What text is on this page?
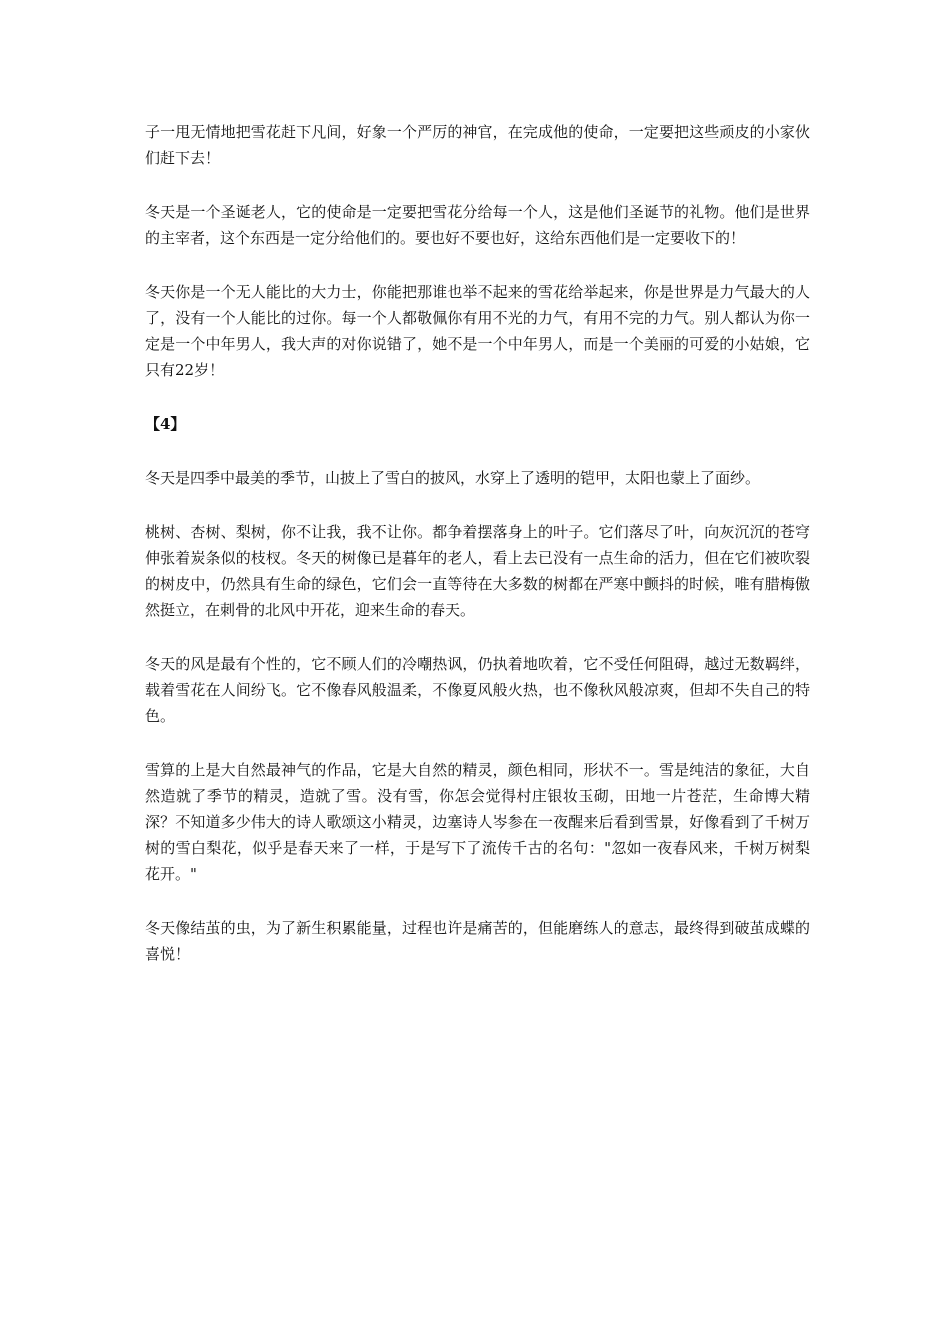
子一甩无情地把雪花赶下凡间，好象一个严厉的神官，在完成他的使命，一定要把这些顽皮的小家伙们赶下去！

冬天是一个圣诞老人，它的使命是一定要把雪花分给每一个人，这是他们圣诞节的礼物。他们是世界的主宰者，这个东西是一定分给他们的。要也好不要也好，这给东西他们是一定要收下的！

冬天你是一个无人能比的大力士，你能把那谁也举不起来的雪花给举起来，你是世界是力气最大的人了，没有一个人能比的过你。每一个人都敬佩你有用不光的力气，有用不完的力气。别人都认为你一定是一个中年男人，我大声的对你说错了，她不是一个中年男人，而是一个美丽的可爱的小姑娘，它只有22岁！

【4】

冬天是四季中最美的季节，山披上了雪白的披风，水穿上了透明的铠甲，太阳也蒙上了面纱。

桃树、杏树、梨树，你不让我，我不让你。都争着摆落身上的叶子。它们落尽了叶，向灰沉沉的苍穹伸张着炭条似的枝杈。冬天的树像已是暮年的老人，看上去已没有一点生命的活力，但在它们被吹裂的树皮中，仍然具有生命的绿色，它们会一直等待在大多数的树都在严寒中颤抖的时候，唯有腊梅傲然挺立，在刺骨的北风中开花，迎来生命的春天。

冬天的风是最有个性的，它不顾人们的冷嘲热讽，仍执着地吹着，它不受任何阻碍，越过无数羁绊，载着雪花在人间纷飞。它不像春风般温柔，不像夏风般火热，也不像秋风般凉爽，但却不失自己的特色。

雪算的上是大自然最神气的作品，它是大自然的精灵，颜色相同，形状不一。雪是纯洁的象征，大自然造就了季节的精灵，造就了雪。没有雪，你怎会觉得村庄银妆玉砌，田地一片苍茫，生命博大精深？不知道多少伟大的诗人歌颂这小精灵，边塞诗人岑参在一夜醒来后看到雪景，好像看到了千树万树的雪白梨花，似乎是春天来了一样，于是写下了流传千古的名句："忽如一夜春风来，千树万树梨花开。"

冬天像结茧的虫，为了新生积累能量，过程也许是痛苦的，但能磨练人的意志，最终得到破茧成蝶的喜悦！
